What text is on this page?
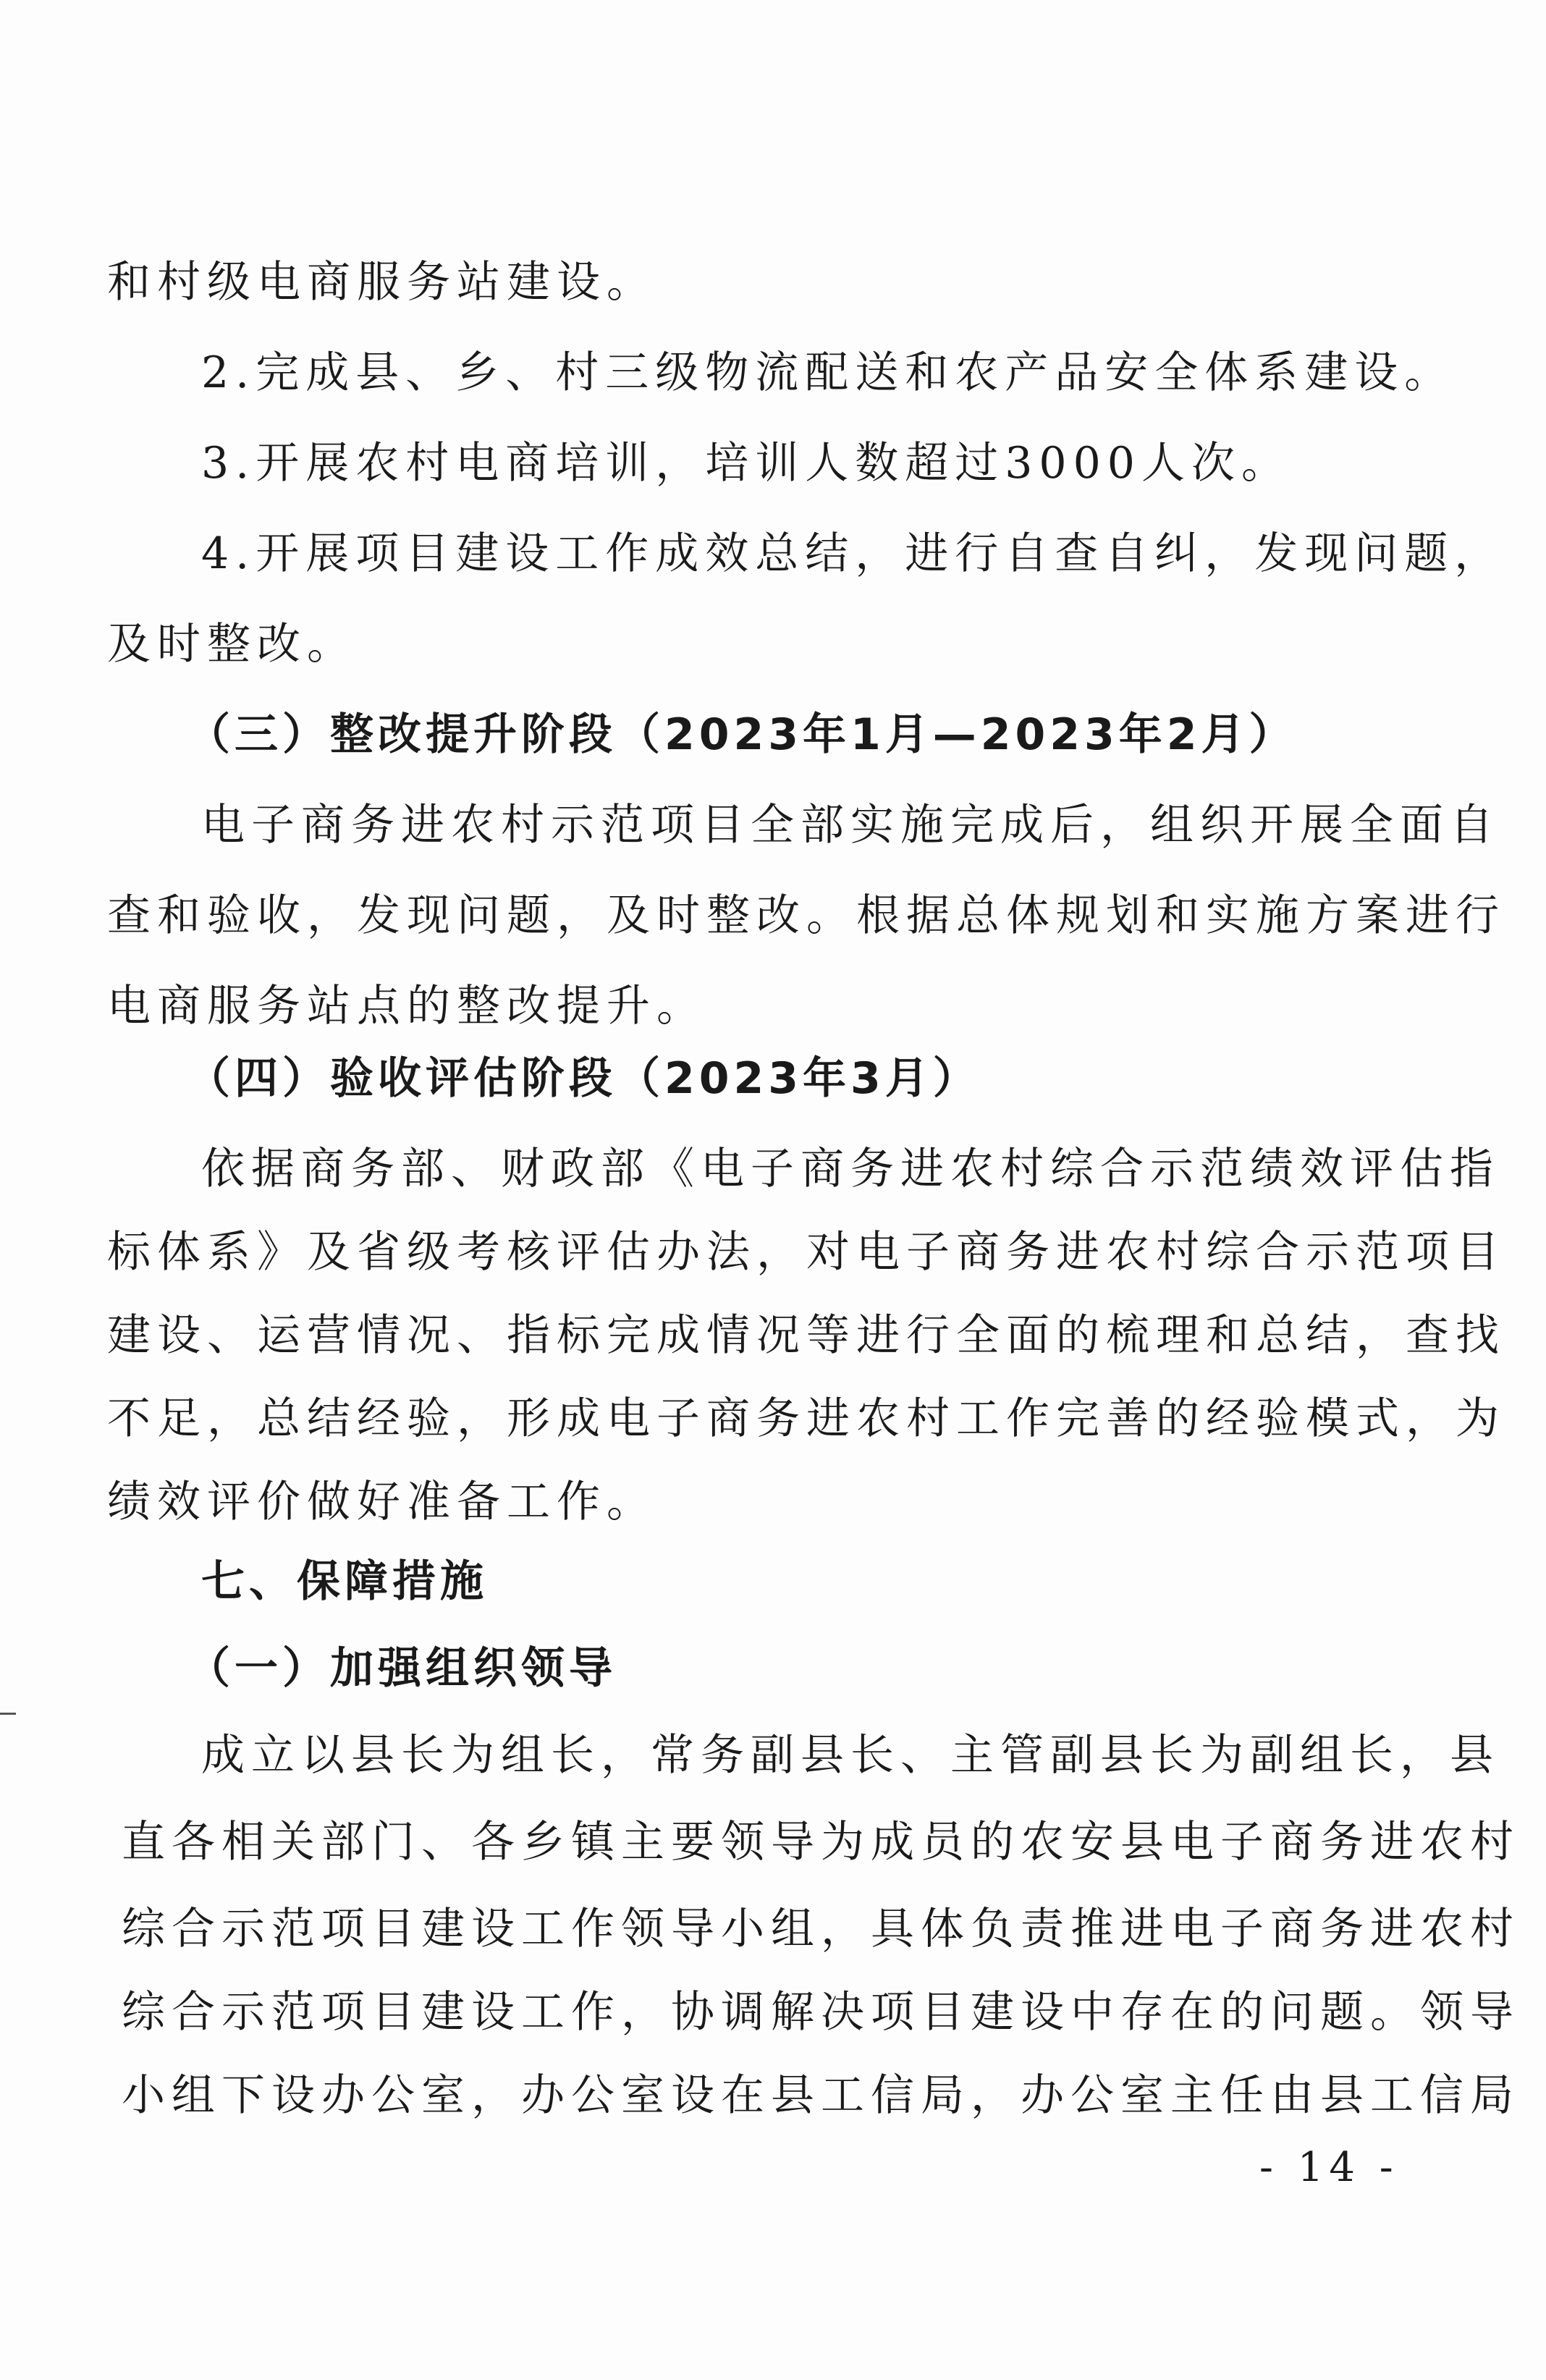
和村级电商服务站建设。
2.完成县、乡、村三级物流配送和农产品安全体系建设。
3.开展农村电商培训，培训人数超过3000人次。
4.开展项目建设工作成效总结，进行自查自纠，发现问题，
及时整改。
（三）整改提升阶段（2023年1月—2023年2月）
电子商务进农村示范项目全部实施完成后，组织开展全面自
查和验收，发现问题，及时整改。根据总体规划和实施方案进行
电商服务站点的整改提升。
（四）验收评估阶段（2023年3月）
依据商务部、财政部《电子商务进农村综合示范绩效评估指
标体系》及省级考核评估办法，对电子商务进农村综合示范项目
建设、运营情况、指标完成情况等进行全面的梳理和总结，查找
不足，总结经验，形成电子商务进农村工作完善的经验模式，为
绩效评价做好准备工作。
七、保障措施
（一）加强组织领导
成立以县长为组长，常务副县长、主管副县长为副组长，县
直各相关部门、各乡镇主要领导为成员的农安县电子商务进农村
综合示范项目建设工作领导小组，具体负责推进电子商务进农村
综合示范项目建设工作，协调解决项目建设中存在的问题。领导
小组下设办公室，办公室设在县工信局，办公室主任由县工信局
- 14 -
